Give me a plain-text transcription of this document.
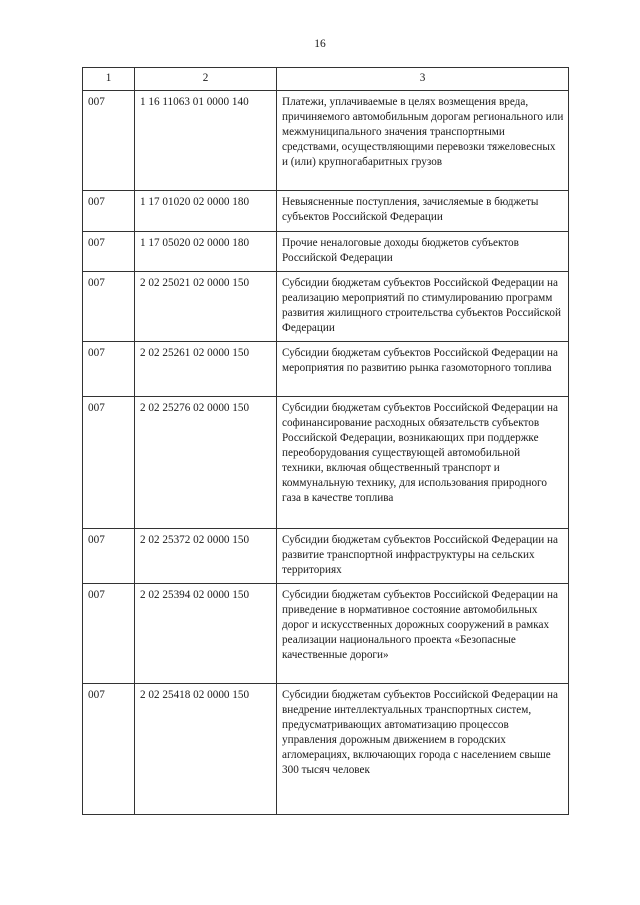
16
1	2	3
007	1 16 11063 01 0000 140	Платежи, уплачиваемые в целях возмещения вреда, причиняемого автомобильным дорогам регионального или межмуниципального значения транспортными средствами, осуществляющими перевозки тяжеловесных и (или) крупногабаритных грузов
007	1 17 01020 02 0000 180	Невыясненные поступления, зачисляемые в бюджеты субъектов Российской Федерации
007	1 17 05020 02 0000 180	Прочие неналоговые доходы бюджетов субъектов Российской Федерации
007	2 02 25021 02 0000 150	Субсидии бюджетам субъектов Российской Федерации на реализацию мероприятий по стимулированию программ развития жилищного строительства субъектов Российской Федерации
007	2 02 25261 02 0000 150	Субсидии бюджетам субъектов Российской Федерации на мероприятия по развитию рынка газомоторного топлива
007	2 02 25276 02 0000 150	Субсидии бюджетам субъектов Российской Федерации на софинансирование расходных обязательств субъектов Российской Федерации, возникающих при поддержке переоборудования существующей автомобильной техники, включая общественный транспорт и коммунальную технику, для использования природного газа в качестве топлива
007	2 02 25372 02 0000 150	Субсидии бюджетам субъектов Российской Федерации на развитие транспортной инфраструктуры на сельских территориях
007	2 02 25394 02 0000 150	Субсидии бюджетам субъектов Российской Федерации на приведение в нормативное состояние автомобильных дорог и искусственных дорожных сооружений в рамках реализации национального проекта «Безопасные качественные дороги»
007	2 02 25418 02 0000 150	Субсидии бюджетам субъектов Российской Федерации на внедрение интеллектуальных транспортных систем, предусматривающих автоматизацию процессов управления дорожным движением в городских агломерациях, включающих города с населением свыше 300 тысяч человек
